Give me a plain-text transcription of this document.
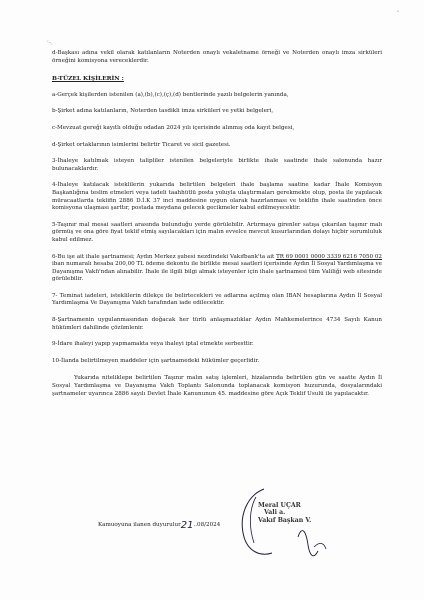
‘–,
‘

d-Başkası adına vekil olarak katılanların Noterden onaylı vekaletname örneği ve Noterden onaylı imza sirküleri örneğini komisyona vereceklerdir.

B-TÜZEL KİŞİLERİN :

a-Gerçek kişilerden istenilen (a),(b),(c),(ç),(d) bentlerinde yazılı belgelerin yanında,

b-Şirket adına katılanların, Noterden tasdikli imza sirküleri ve yetki belgeleri,

c-Mevzuat gereği kayıtlı olduğu odadan 2024 yılı içerisinde alınmış oda kayıt belgesi,

d-Şirket ortaklarının isimlerini belirtir Ticaret ve sicil gazetesi.

3-İhaleye katılmak isteyen talipliler istenilen belgeleriyle birlikte ihale saatinde ihale salonunda hazır bulunacaklardır.

4-İhaleye katılacak isteklilerin yukarıda belirtilen belgeleri ihale başlama saatine kadar İhale Komisyon Başkanlığına teslim etmeleri veya iadeli taahhütlü posta yoluyla ulaştırmaları gerekmekte olup, posta ile yapılacak müracaatlarda teklifin 2886 D.İ.K 37 inci maddesine uygun olarak hazırlanması ve teklifin ihale saatinden önce komisyona ulaşması şarttır, postada meydana gelecek gecikmeler kabul edilmeyecektir.

5-Taşınır mal mesai saatleri arasında bulunduğu yerde görülebilir. Artırmaya girenler satışa çıkarılan taşınır malı görmüş ve ona göre fiyat teklif etmiş sayılacakları için malın evvelce mevcut kusurlarından dolayı hiçbir sorumluluk kabul edilmez.

6-Bu işe ait ihale şartnamesi; Aydın Merkez şubesi nezdindeki Vakıfbank'ta ait TR 69 0001 0000 3339 6216 7050 02 iban numaralı hesaba 200,00 TL ödeme dekontu ile birlikte mesai saatleri içerisinde Aydın İl Sosyal Yardımlaşma ve Dayanışma Vakfı'ndan alınabilir. İhale ile ilgili bilgi almak isteyenler için ihale şartnamesi tüm Valiliği web sitesinde görülebilir.

7- Teminat iadeleri, isteklilerin dilekçe ile belirtecekleri ve adlarına açılmış olan IBAN hesaplarına Aydın İl Sosyal Yardımlaşma Ve Dayanışma Vakfı tarafından iade edilecektir.

8-Şartnamenin uygulanmasından doğacak her türlü anlaşmazlıklar Aydın Mahkemelerince 4734 Sayılı Kanun hükümleri dahilinde çözümlenir.

9-İdare ihaleyi yapıp yapmamakta veya ihaleyi iptal etmekte serbesttir.

10-İlanda belirtilmeyen maddeler için şartnamedeki hükümler geçerlidir.

Yukarıda niteliklери belirtilen Taşınır malın satış işlemleri, hizalarında belirtilen gün ve saatte Aydın İl Sosyal Yardımlaşma ve Dayanışma Vakfı Toplantı Salonunda toplanacak komisyon huzurunda, dosyalarındaki şartnameler uyarınca 2886 sayılı Devlet İhale Kanununun 45. maddesine göre Açık Teklif Usulü ile yapılacaktır.

Kamuoyuna ilanen duyurulur21..08/2024
Meral UÇAR
Vali a.
Vakıf Başkan V.
